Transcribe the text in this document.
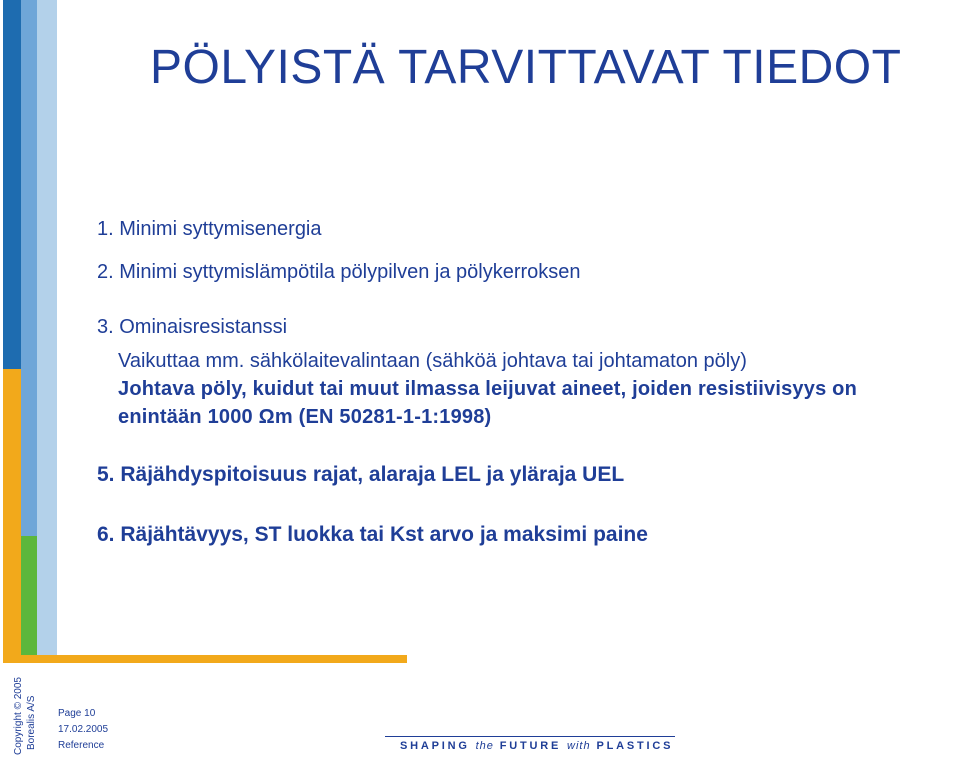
PÖLYISTÄ TARVITTAVAT TIEDOT
1. Minimi syttymisenergia
2. Minimi syttymislämpötila pölypilven ja pölykerroksen
3. Ominaisresistanssi
Vaikuttaa mm. sähkölaitevalintaan (sähköä johtava tai johtamaton pöly)
Johtava pöly, kuidut tai muut ilmassa leijuvat aineet, joiden resistiivisyys on
enintään 1000 Ωm (EN 50281-1-1:1998)
5. Räjähdyspitoisuus rajat, alaraja LEL ja yläraja UEL
6. Räjähtävyys, ST luokka tai Kst arvo ja maksimi paine
Copyright © 2005 Borealis A/S Page 10
17.02.2005
Reference	SHAPING the FUTURE with PLASTICS
